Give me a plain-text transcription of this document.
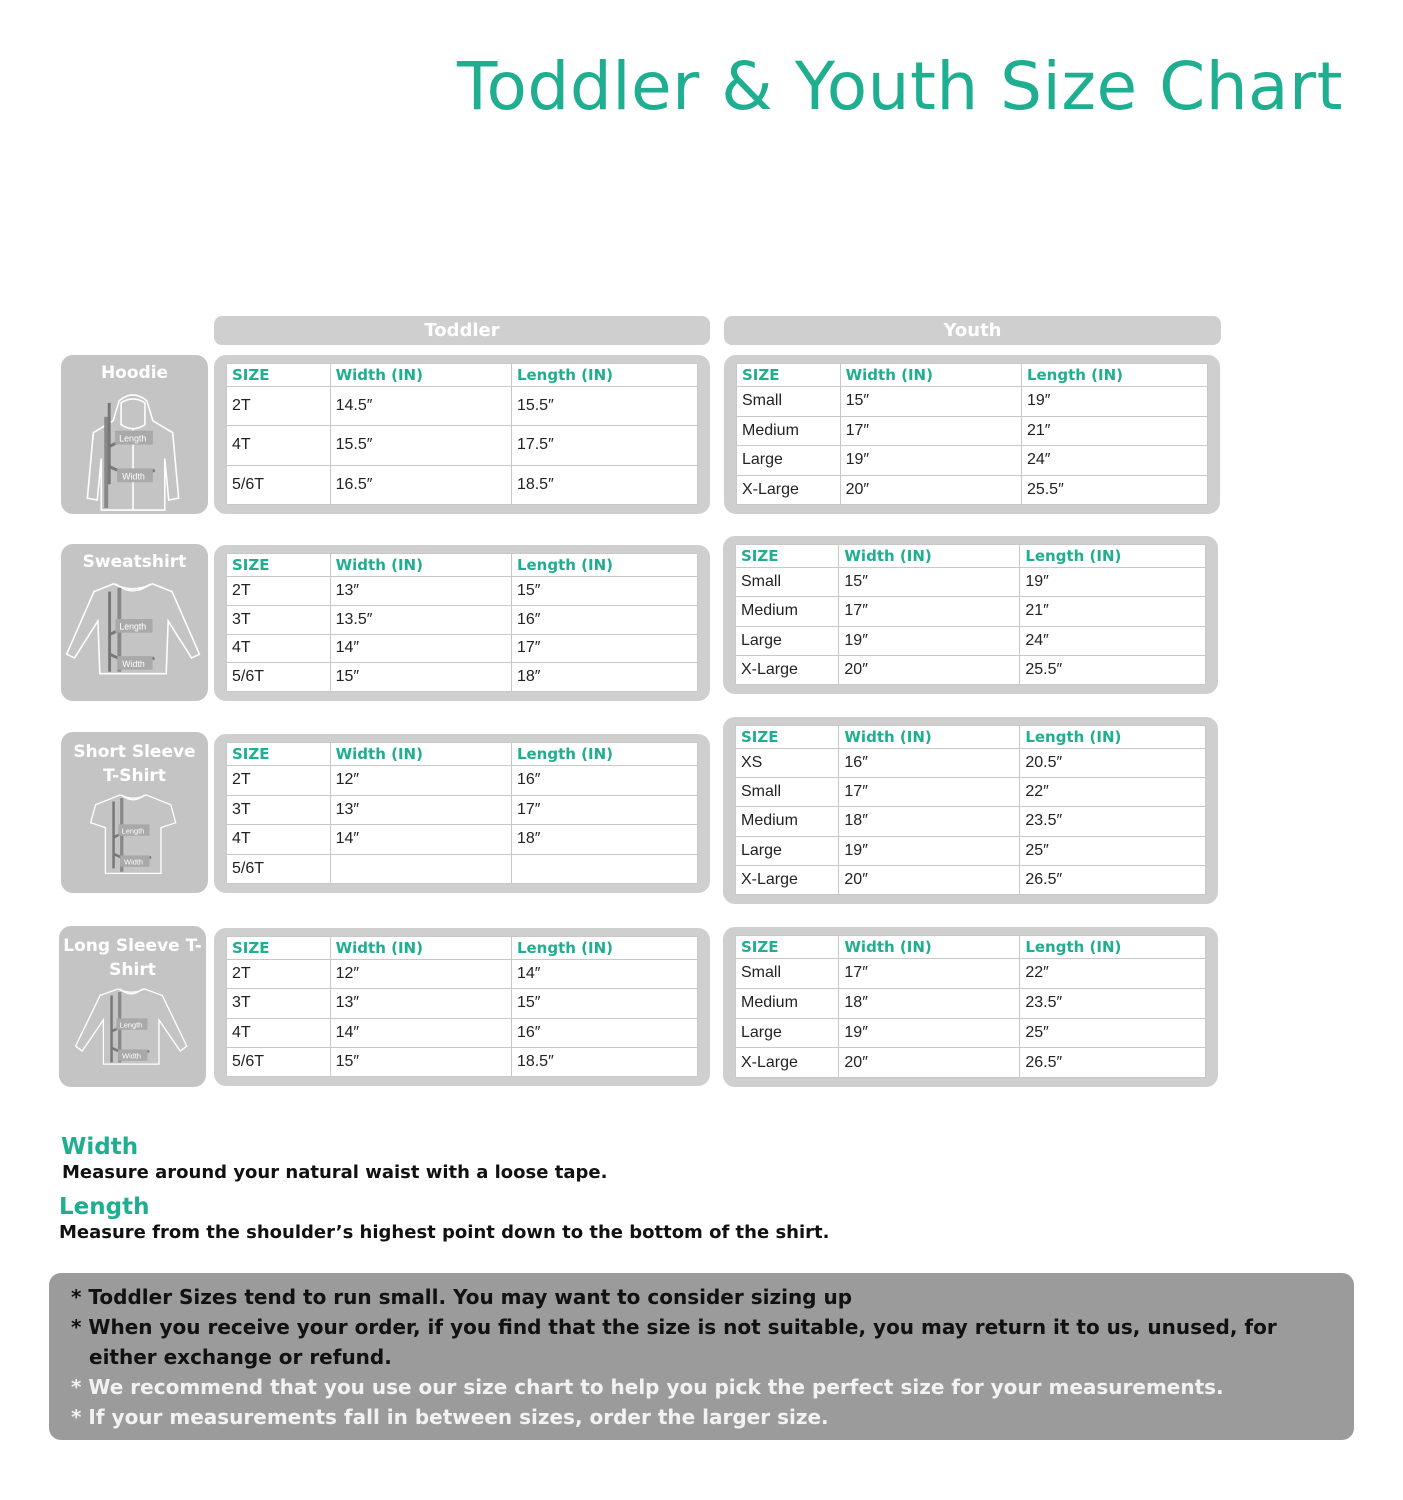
Toddler & Youth Size Chart
Toddler	Youth
Hoodie
Length
Width
SIZE	Width (IN)	Length (IN)
2T	14.5″	15.5″
4T	15.5″	17.5″
5/6T	16.5″	18.5″
SIZE	Width (IN)	Length (IN)
Small	15″	19″
Medium	17″	21″
Large	19″	24″
X-Large	20″	25.5″
Sweatshirt
Length
Width
SIZE	Width (IN)	Length (IN)
2T	13″	15″
3T	13.5″	16″
4T	14″	17″
5/6T	15″	18″
SIZE	Width (IN)	Length (IN)
Small	15″	19″
Medium	17″	21″
Large	19″	24″
X-Large	20″	25.5″
Short Sleeve T-Shirt
Length
Width
SIZE	Width (IN)	Length (IN)
2T	12″	16″
3T	13″	17″
4T	14″	18″
5/6T		
SIZE	Width (IN)	Length (IN)
XS	16″	20.5″
Small	17″	22″
Medium	18″	23.5″
Large	19″	25″
X-Large	20″	26.5″
Long Sleeve T-Shirt
Length
Width
SIZE	Width (IN)	Length (IN)
2T	12″	14″
3T	13″	15″
4T	14″	16″
5/6T	15″	18.5″
SIZE	Width (IN)	Length (IN)
Small	17″	22″
Medium	18″	23.5″
Large	19″	25″
X-Large	20″	26.5″
Width
Measure around your natural waist with a loose tape.
Length
Measure from the shoulder’s highest point down to the bottom of the shirt.
* Toddler Sizes tend to run small. You may want to consider sizing up
* When you receive your order, if you find that the size is not suitable, you may return it to us, unused, for either exchange or refund.
* We recommend that you use our size chart to help you pick the perfect size for your measurements.
* If your measurements fall in between sizes, order the larger size.
